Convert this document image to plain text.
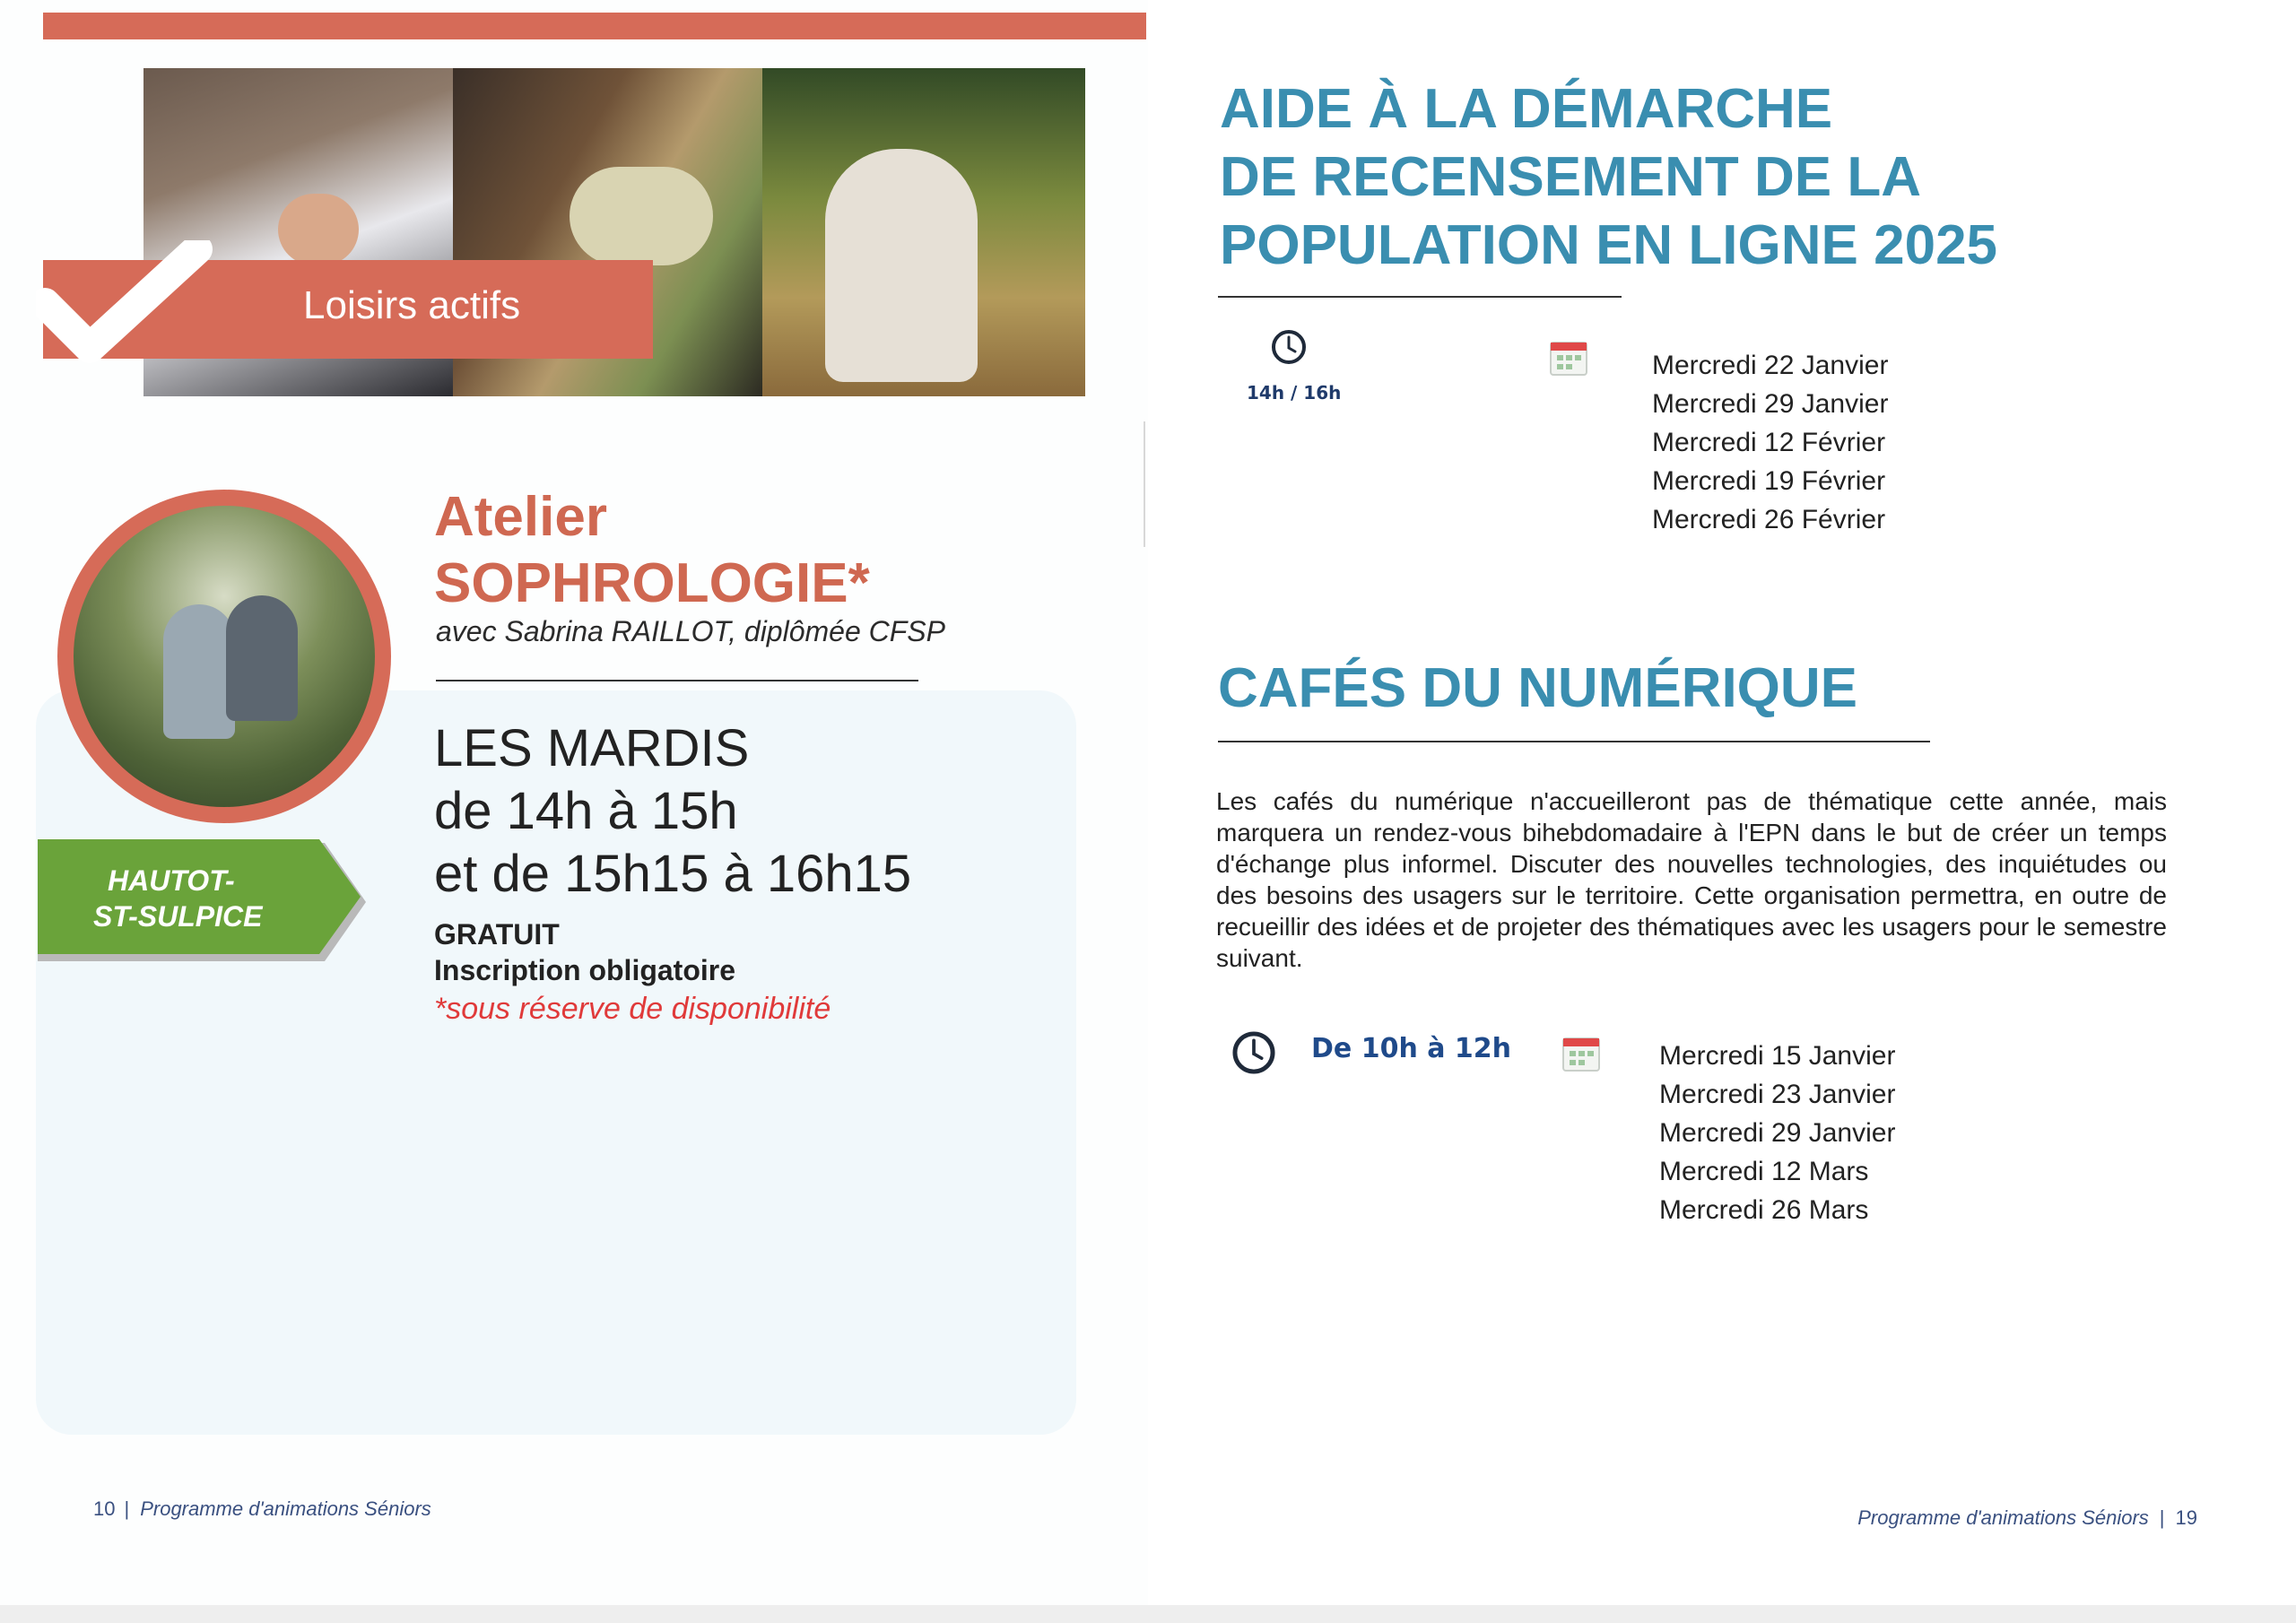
Loisirs actifs
HAUTOT-
ST-SULPICE
Atelier
SOPHROLOGIE*
avec Sabrina RAILLOT, diplômée CFSP
LES MARDIS
de 14h à 15h
et de 15h15 à 16h15
GRATUIT
Inscription obligatoire
*sous réserve de disponibilité
10 | Programme d'animations Séniors
AIDE À LA DÉMARCHE
DE RECENSEMENT DE LA
POPULATION EN LIGNE 2025
14h / 16h
Mercredi 22 Janvier
Mercredi 29 Janvier
Mercredi 12 Février
Mercredi 19 Février
Mercredi 26 Février
CAFÉS DU NUMÉRIQUE
Les cafés du numérique n'accueilleront pas de thématique cette année, mais marquera un rendez-vous bihebdomadaire à l'EPN dans le but de créer un temps d'échange plus informel. Discuter des nouvelles technologies, des inquiétudes ou des besoins des usagers sur le territoire. Cette organisation permettra, en outre de recueillir des idées et de projeter des thématiques avec les usagers pour le semestre suivant.
De 10h à 12h	Mercredi 15 Janvier
Mercredi 23 Janvier
Mercredi 29 Janvier
Mercredi 12 Mars
Mercredi 26 Mars
Programme d'animations Séniors | 19
